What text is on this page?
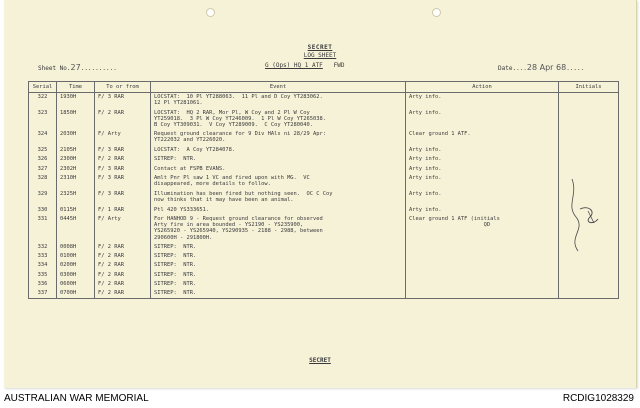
SECRET
LOG SHEET
G (Ops) HQ 1 ATF FWD
Sheet No.27..........	Date....28 Apr 68.....
Serial	Time	To or from	Event	Action	Initials
322	1930H	F/ 3 RAR	LOCSTAT:  10 Pl YT288063.  11 Pl and D Coy YT283062.
12 Pl YT281061.	Arty info.	
323	1850H	F/ 2 RAR	LOCSTAT:  HQ 2 RAR, Mor Pl, W Coy and 2 Pl W Coy
YT259018.  3 Pl W Coy YT246009.  1 Pl W Coy YT265038.
B Coy YT309031.  V Coy YT289009.  C Coy YT280040.	Arty info.	
324	2030H	F/ Arty	Request ground clearance for 9 Div HAls ni 28/29 Apr:
YT222032 and YT226020.	Clear ground 1 ATF.	
325	2105H	F/ 3 RAR	LOCSTAT:  A Coy YT284078.	Arty info.	
326	2300H	F/ 2 RAR	SITREP:  NTR.	Arty info.	
327	2302H	F/ 3 RAR	Contact at FSPB EVANS.	Arty info.	
328	2310H	F/ 3 RAR	Amlt Pnr Pl saw 1 VC and fired upon with MG.  VC
disappeared, more details to follow.	Arty info.	
329	2325H	F/ 3 RAR	Illumination has been fired but nothing seen.  OC C Coy
now thinks that it may have been an animal.	Arty info.	
330	0115H	F/ 1 RAR	Ptl 420 YS333651.	Arty info.	
331	0445H	F/ Arty	For HANHOD 9 - Request ground clearance for observed
Arty fire in area bounded - YS2190 - YS235900,
YS265920 - YS265940, YS290935 - 2188 - 2988, between
290600H - 291800H.	Clear ground 1 ATF (initials
QD	
332	0008H	F/ 2 RAR	SITREP:  NTR.		
333	0100H	F/ 2 RAR	SITREP:  NTR.		
334	0200H	F/ 2 RAR	SITREP:  NTR.		
335	0300H	F/ 2 RAR	SITREP:  NTR.		
336	0600H	F/ 2 RAR	SITREP:  NTR.		
337	0700H	F/ 2 RAR	SITREP:  NTR.		
SECRET
AUSTRALIAN WAR MEMORIAL	RCDIG1028329
